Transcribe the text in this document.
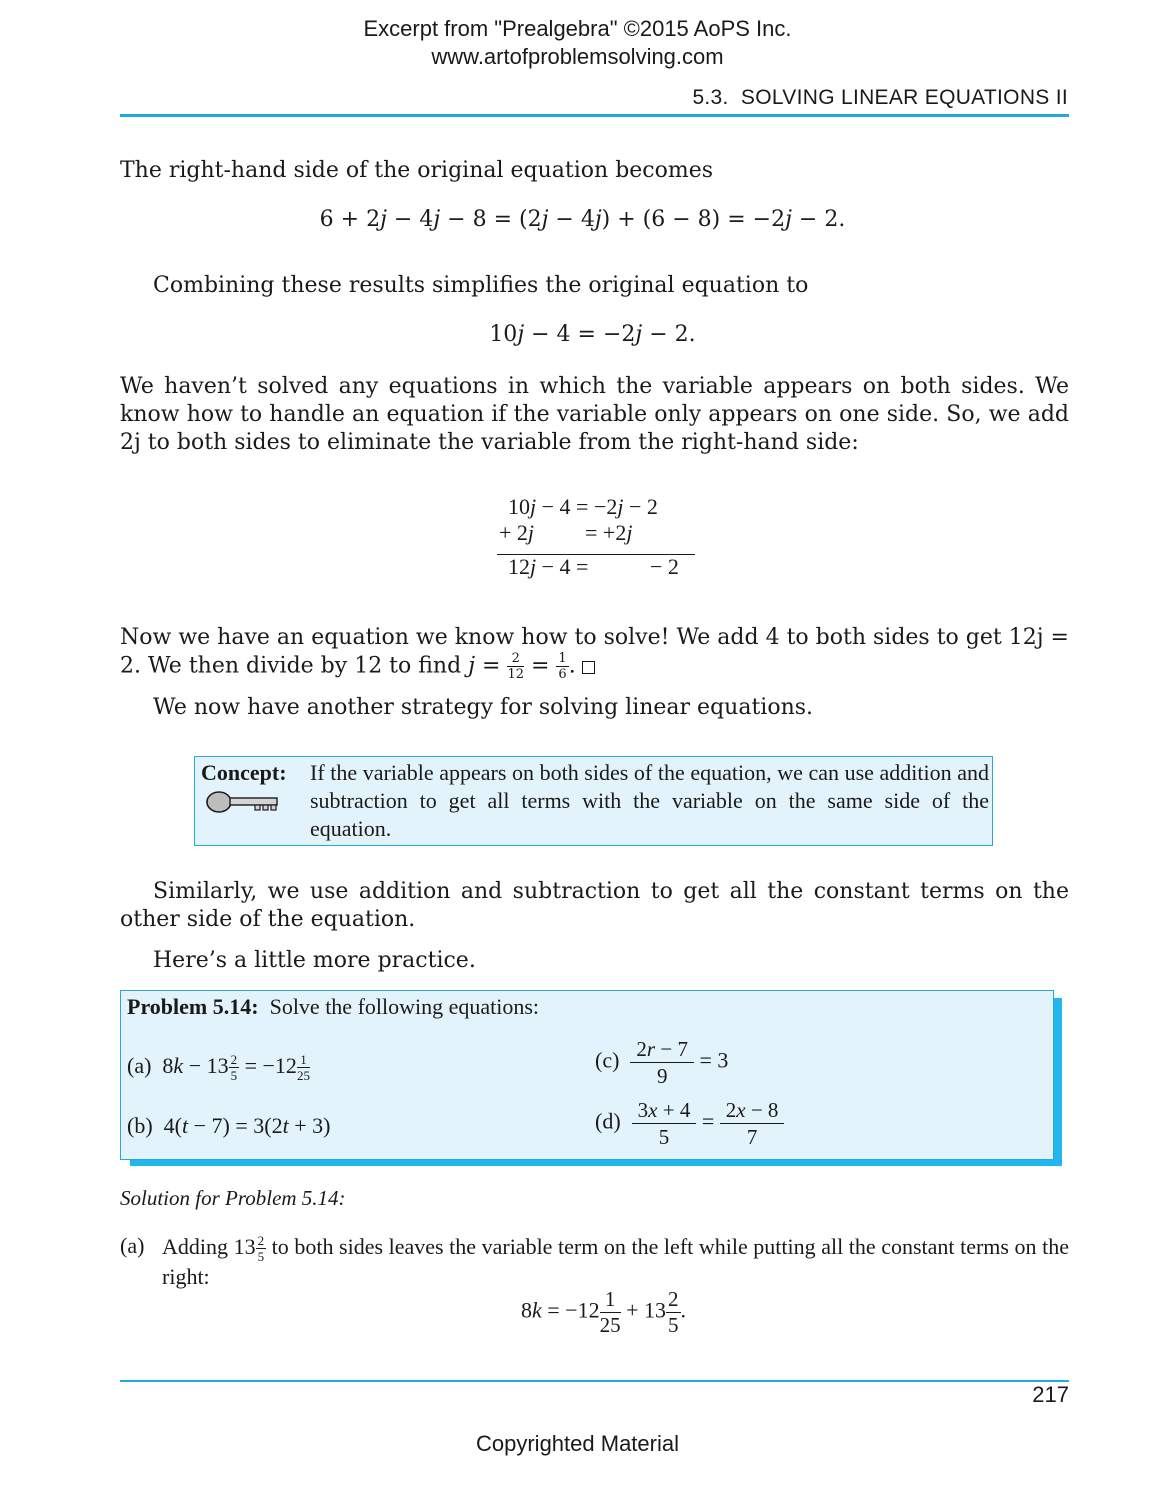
Excerpt from "Prealgebra" ©2015 AoPS Inc.
www.artofproblemsolving.com
5.3.  SOLVING LINEAR EQUATIONS II
The right-hand side of the original equation becomes
6 + 2j − 4j − 8 = (2j − 4j) + (6 − 8) = −2j − 2.
Combining these results simplifies the original equation to
10j − 4 = −2j − 2.
We haven’t solved any equations in which the variable appears on both sides. We know how to handle an equation if the variable only appears on one side. So, we add 2j to both sides to eliminate the variable from the right-hand side:
10j − 4 = −2j − 2
+ 2j = +2j
12j − 4 =	− 2
Now we have an equation we know how to solve! We add 4 to both sides to get 12j = 2. We then divide by 12 to find $j = \frac{2}{12} = \frac{1}{6}$ .
We now have another strategy for solving linear equations.
Concept: If the variable appears on both sides of the equation, we can use addition and subtraction to get all terms with the variable on the same side of the equation.
Similarly, we use addition and subtraction to get all the constant terms on the other side of the equation.
Here’s a little more practice.
Problem 5.14: Solve the following equations:
(a)  $8k - 13 \frac{2}{5} = -12 \frac{1}{25}$
(b)  4(t − 7) = 3(2t + 3)
$(c) \frac{2r - 7}{9} = 3$
$(d) \frac{3x + 4}{5} = \frac{2x - 8}{7}$
Solution for Problem 5.14:
(a) Adding $13 \frac{2}{5}$ to both sides leaves the variable term on the left while putting all the constant terms on the right:
$8k = -12 \frac{1}{25} + 13 \frac{2}{5}$ .
217
Copyrighted Material
